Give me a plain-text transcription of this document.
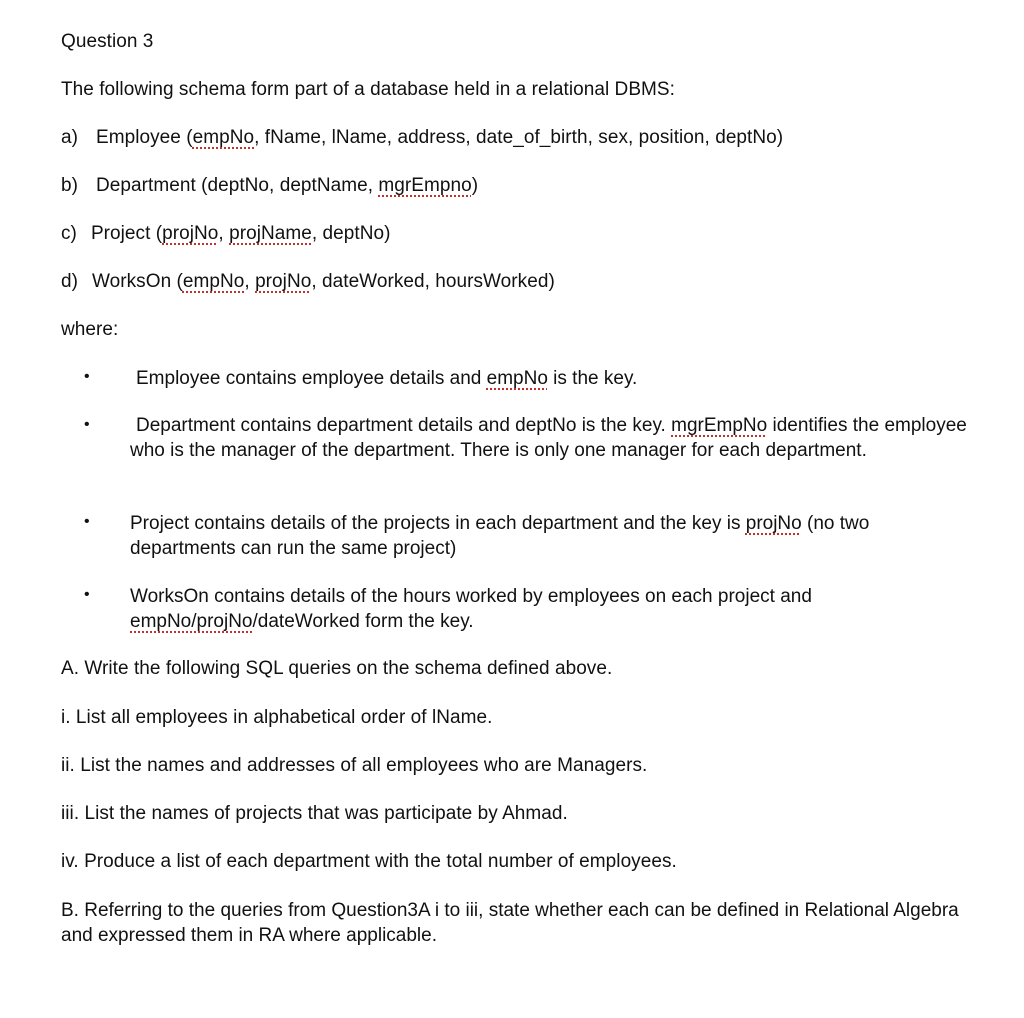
Question 3
The following schema form part of a database held in a relational DBMS:
a) Employee (empNo, fName, lName, address, date_of_birth, sex, position, deptNo)
b) Department (deptNo, deptName, mgrEmpno)
c) Project (projNo, projName, deptNo)
d) WorksOn (empNo, projNo, dateWorked, hoursWorked)
where:
•	Employee contains employee details and empNo is the key.
•	Department contains department details and deptNo is the key. mgrEmpNo identifies the employee who is the manager of the department. There is only one manager for each department.
• Project contains details of the projects in each department and the key is projNo (no two departments can run the same project)
• WorksOn contains details of the hours worked by employees on each project and empNo/projNo/dateWorked form the key.
A. Write the following SQL queries on the schema defined above.
i. List all employees in alphabetical order of lName.
ii. List the names and addresses of all employees who are Managers.
iii. List the names of projects that was participate by Ahmad.
iv. Produce a list of each department with the total number of employees.
B. Referring to the queries from Question3A i to iii, state whether each can be defined in Relational Algebra and expressed them in RA where applicable.
